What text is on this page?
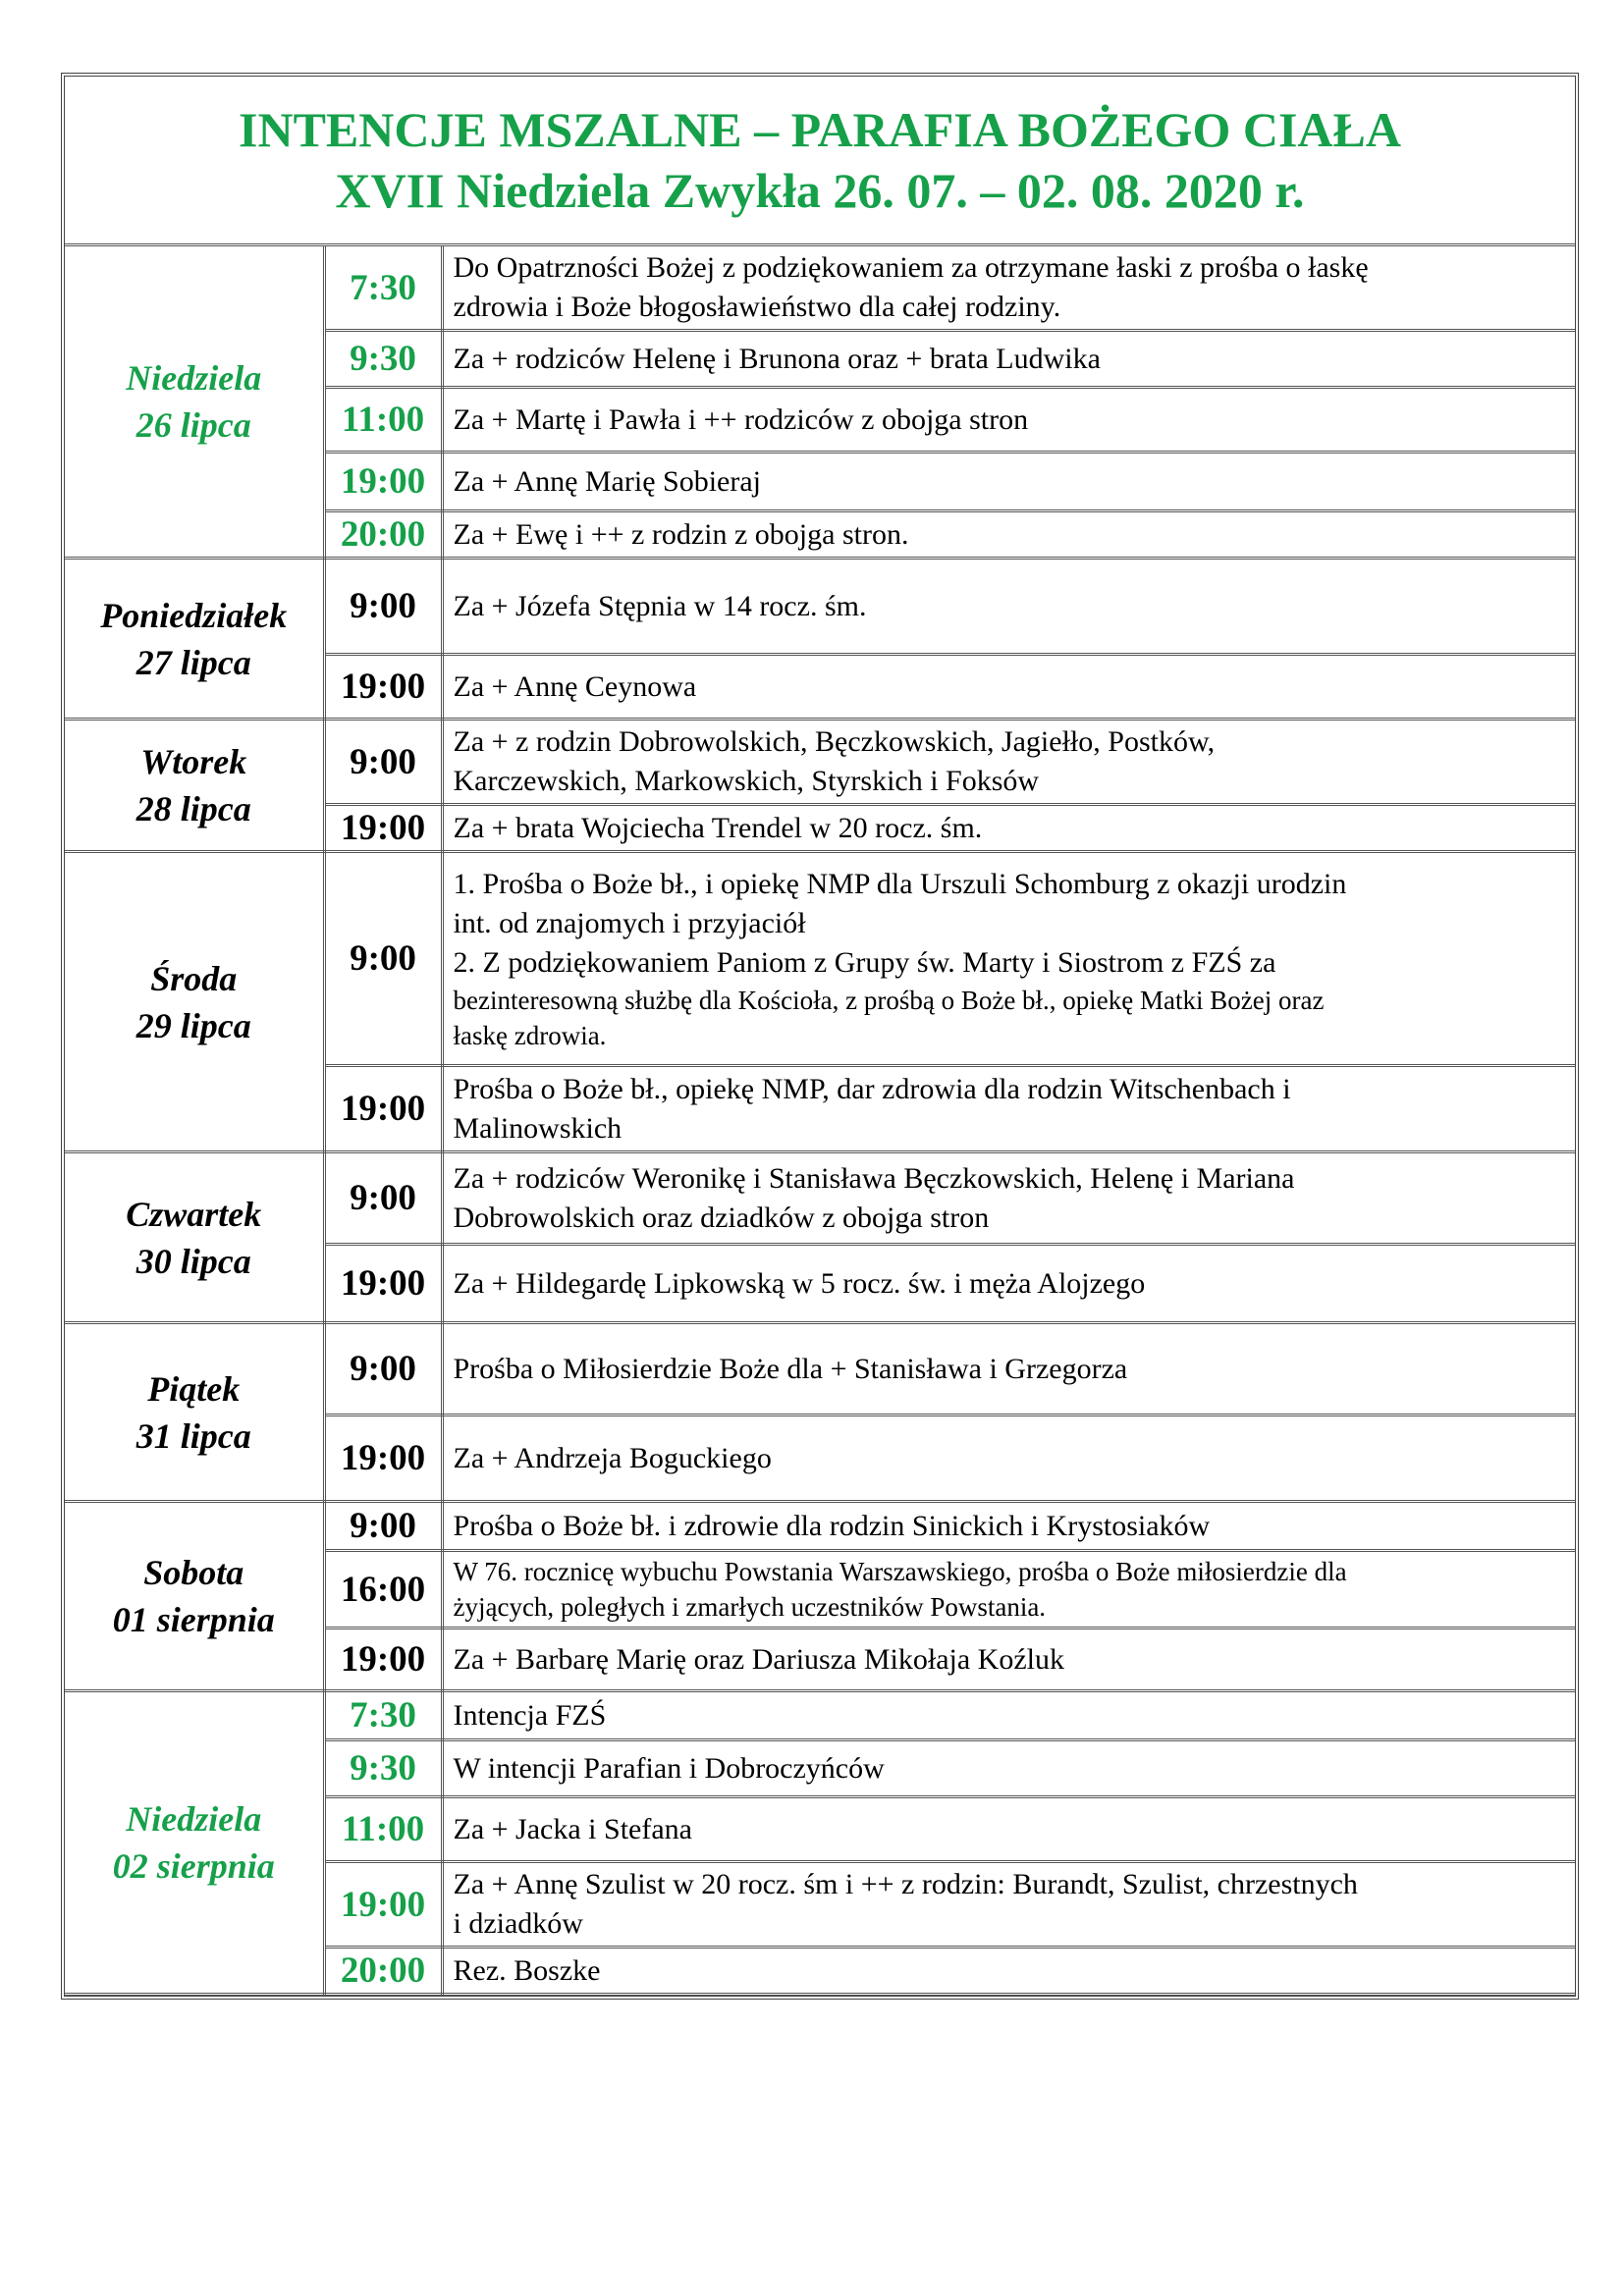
INTENCJE MSZALNE – PARAFIA BOŻEGO CIAŁA
XVII Niedziela Zwykła 26. 07. – 02. 08. 2020 r.
Niedziela
26 lipca	7:30	Do Opatrzności Bożej z podziękowaniem za otrzymane łaski z prośba o łaskę
zdrowia i Boże błogosławieństwo dla całej rodziny.

	9:30	Za + rodziców Helenę i Brunona oraz + brata Ludwika

	11:00	Za + Martę i Pawła i ++ rodziców z obojga stron

	19:00	Za + Annę Marię Sobieraj

	20:00	Za + Ewę i ++ z rodzin z obojga stron.

Poniedziałek
27 lipca	9:00	Za + Józefa Stępnia w 14 rocz. śm.

	19:00	Za + Annę Ceynowa

Wtorek
28 lipca	9:00	Za + z rodzin Dobrowolskich, Bęczkowskich, Jagiełło, Postków,
Karczewskich, Markowskich, Styrskich i Foksów

	19:00	Za + brata Wojciecha Trendel w 20 rocz. śm.

Środa
29 lipca	9:00	1. Prośba o Boże bł., i opiekę NMP dla Urszuli Schomburg z okazji urodzin
int. od znajomych i przyjaciół
2. Z podziękowaniem Paniom z Grupy św. Marty i Siostrom z FZŚ za
bezinteresowną służbę dla Kościoła, z prośbą o Boże bł., opiekę Matki Bożej oraz
łaskę zdrowia.

	19:00	Prośba o Boże bł., opiekę NMP, dar zdrowia dla rodzin Witschenbach i
Malinowskich

Czwartek
30 lipca	9:00	Za + rodziców Weronikę i Stanisława Bęczkowskich, Helenę i Mariana
Dobrowolskich oraz dziadków z obojga stron

	19:00	Za + Hildegardę Lipkowską w 5 rocz. św. i męża Alojzego

Piątek
31 lipca	9:00	Prośba o Miłosierdzie Boże dla + Stanisława i Grzegorza

	19:00	Za + Andrzeja Boguckiego

Sobota
01 sierpnia	9:00	Prośba o Boże bł. i zdrowie dla rodzin Sinickich i Krystosiaków

	16:00	W 76. rocznicę wybuchu Powstania Warszawskiego, prośba o Boże miłosierdzie dla
żyjących, poległych i zmarłych uczestników Powstania.

	19:00	Za + Barbarę Marię oraz Dariusza Mikołaja Koźluk

Niedziela
02 sierpnia	7:30	Intencja FZŚ

	9:30	W intencji Parafian i Dobroczyńców

	11:00	Za + Jacka i Stefana

	19:00	Za + Annę Szulist w 20 rocz. śm i ++ z rodzin: Burandt, Szulist, chrzestnych
i dziadków

	20:00	Rez. Boszke
